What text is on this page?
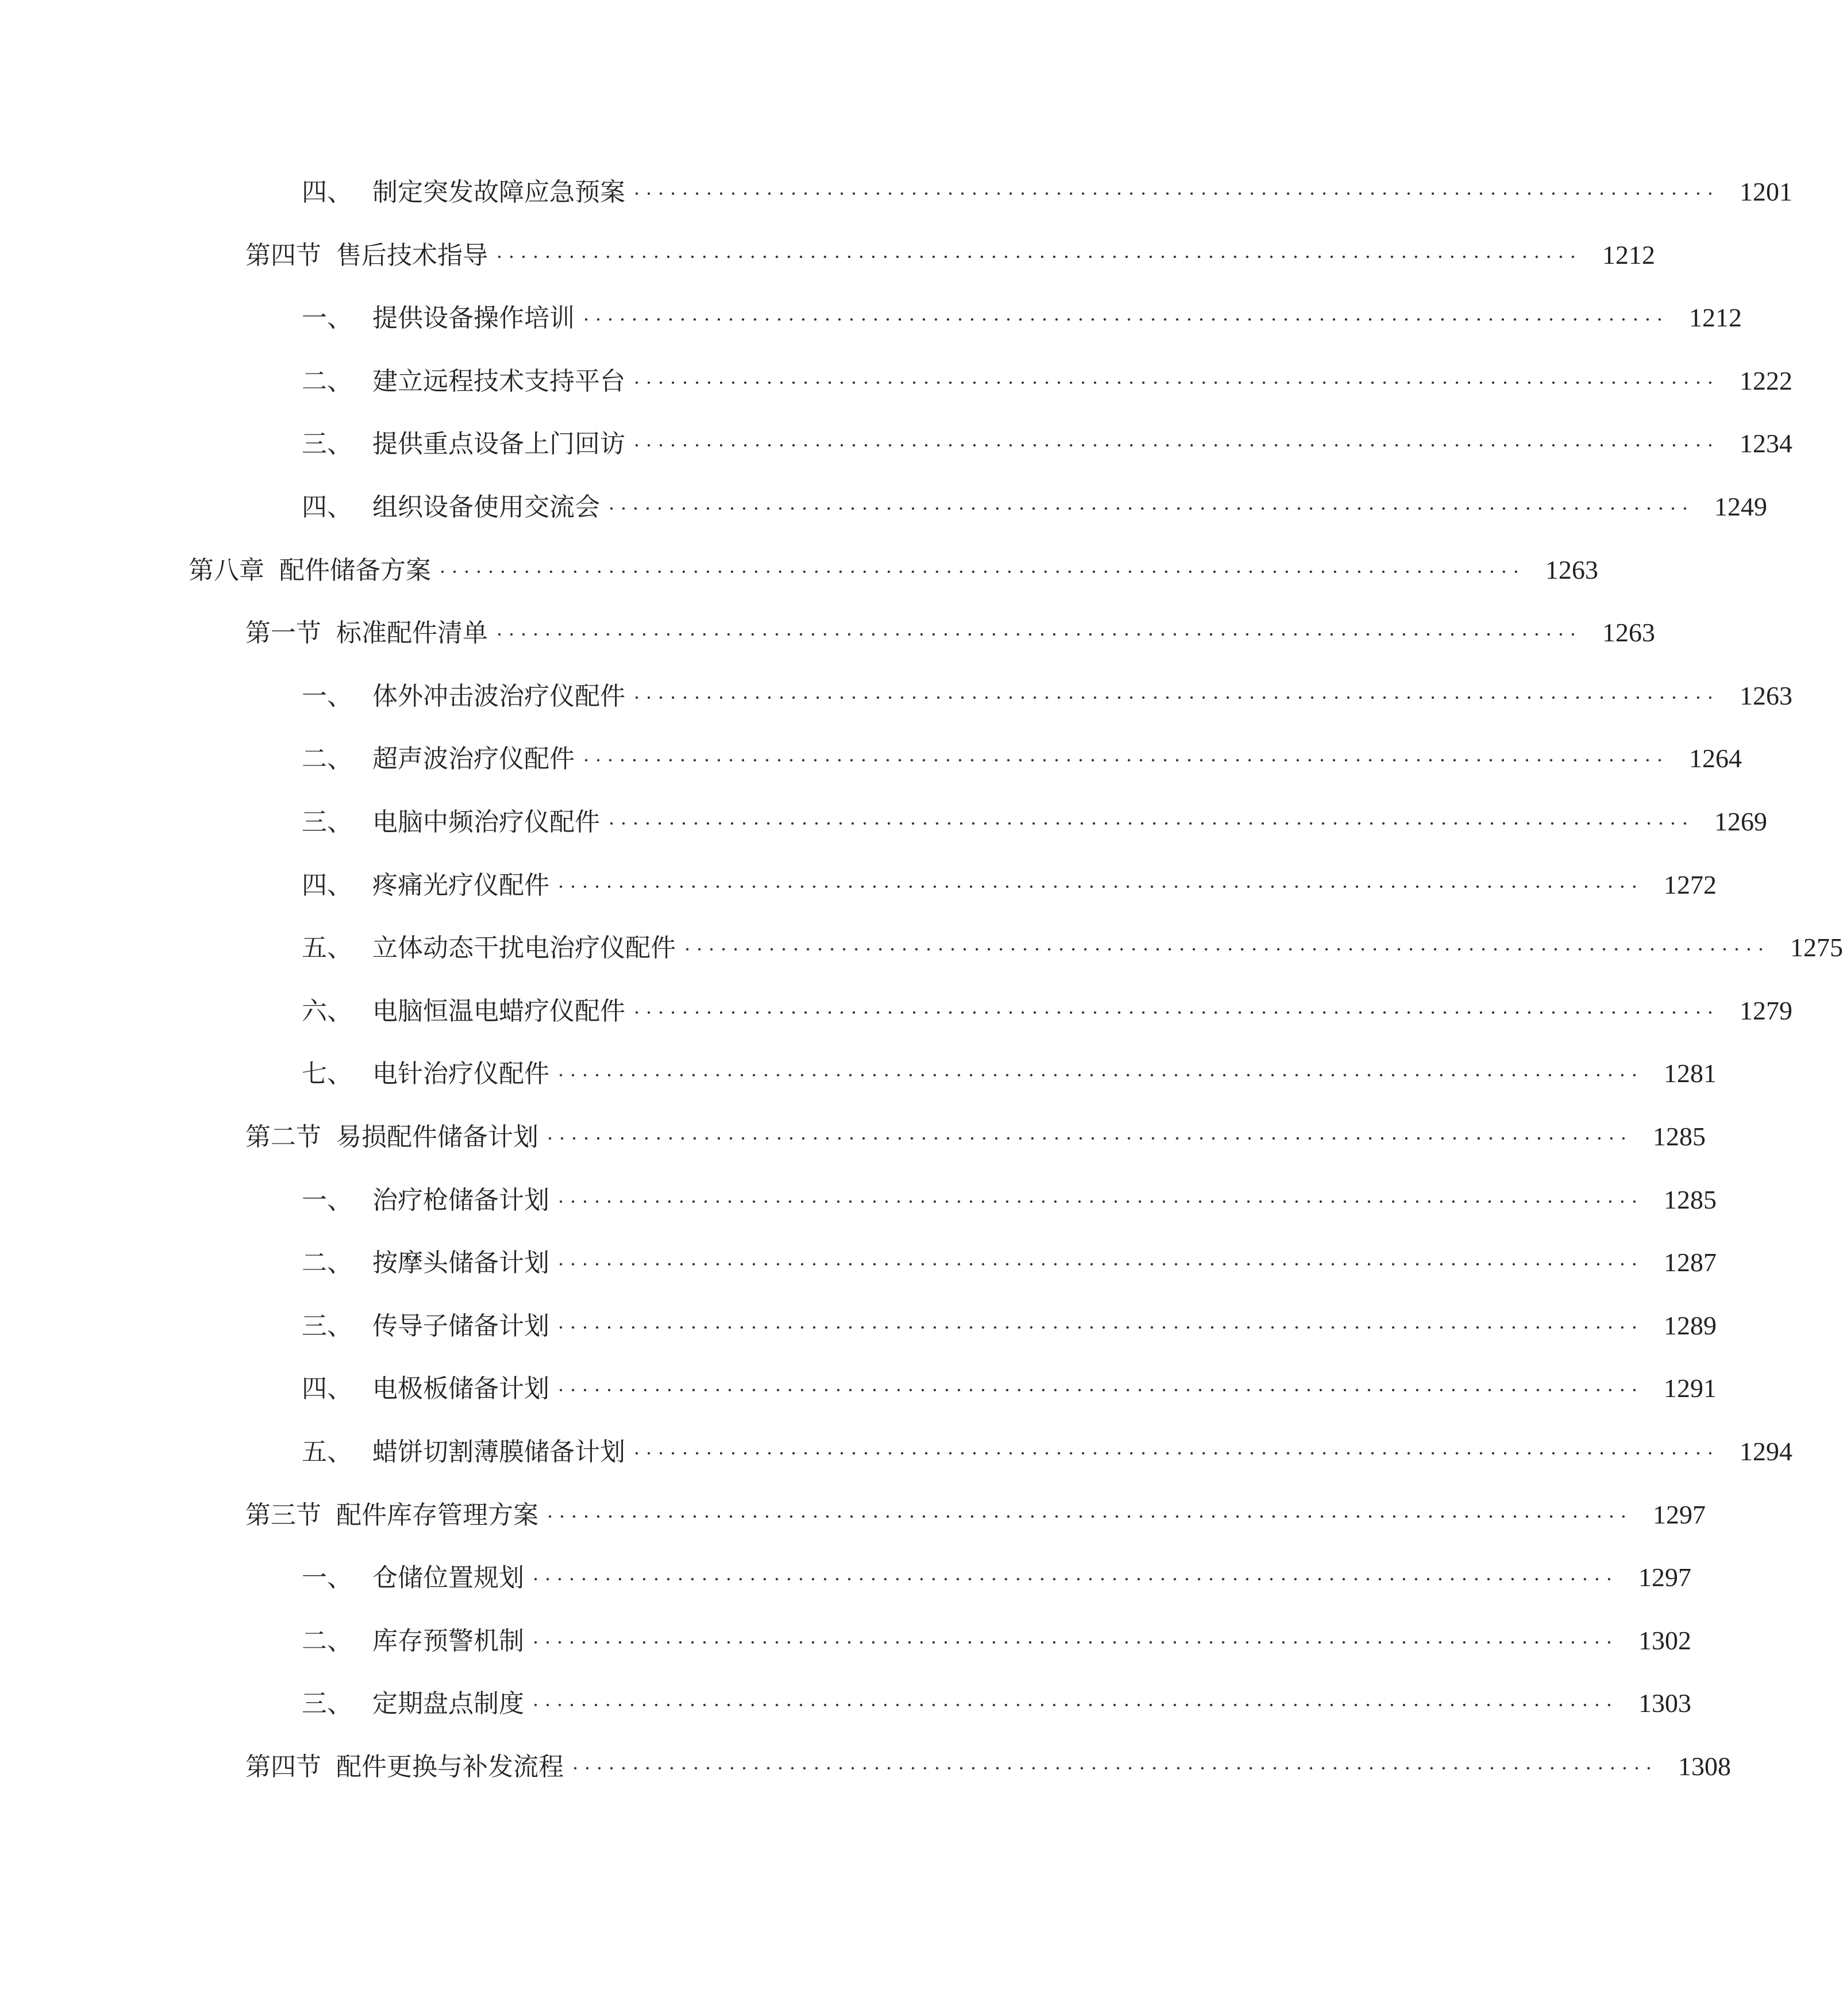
四、 制定突发故障应急预案 ·························································································· 1201
第四节 售后技术指导 ·························································································· 1212
一、 提供设备操作培训 ·························································································· 1212
二、 建立远程技术支持平台 ·························································································· 1222
三、 提供重点设备上门回访 ·························································································· 1234
四、 组织设备使用交流会 ·························································································· 1249
第八章 配件储备方案 ·························································································· 1263
第一节 标准配件清单 ·························································································· 1263
一、 体外冲击波治疗仪配件 ·························································································· 1263
二、 超声波治疗仪配件 ·························································································· 1264
三、 电脑中频治疗仪配件 ·························································································· 1269
四、 疼痛光疗仪配件 ·························································································· 1272
五、 立体动态干扰电治疗仪配件 ·························································································· 1275
六、 电脑恒温电蜡疗仪配件 ·························································································· 1279
七、 电针治疗仪配件 ·························································································· 1281
第二节 易损配件储备计划 ·························································································· 1285
一、 治疗枪储备计划 ·························································································· 1285
二、 按摩头储备计划 ·························································································· 1287
三、 传导子储备计划 ·························································································· 1289
四、 电极板储备计划 ·························································································· 1291
五、 蜡饼切割薄膜储备计划 ·························································································· 1294
第三节 配件库存管理方案 ·························································································· 1297
一、 仓储位置规划 ·························································································· 1297
二、 库存预警机制 ·························································································· 1302
三、 定期盘点制度 ·························································································· 1303
第四节 配件更换与补发流程 ·························································································· 1308
